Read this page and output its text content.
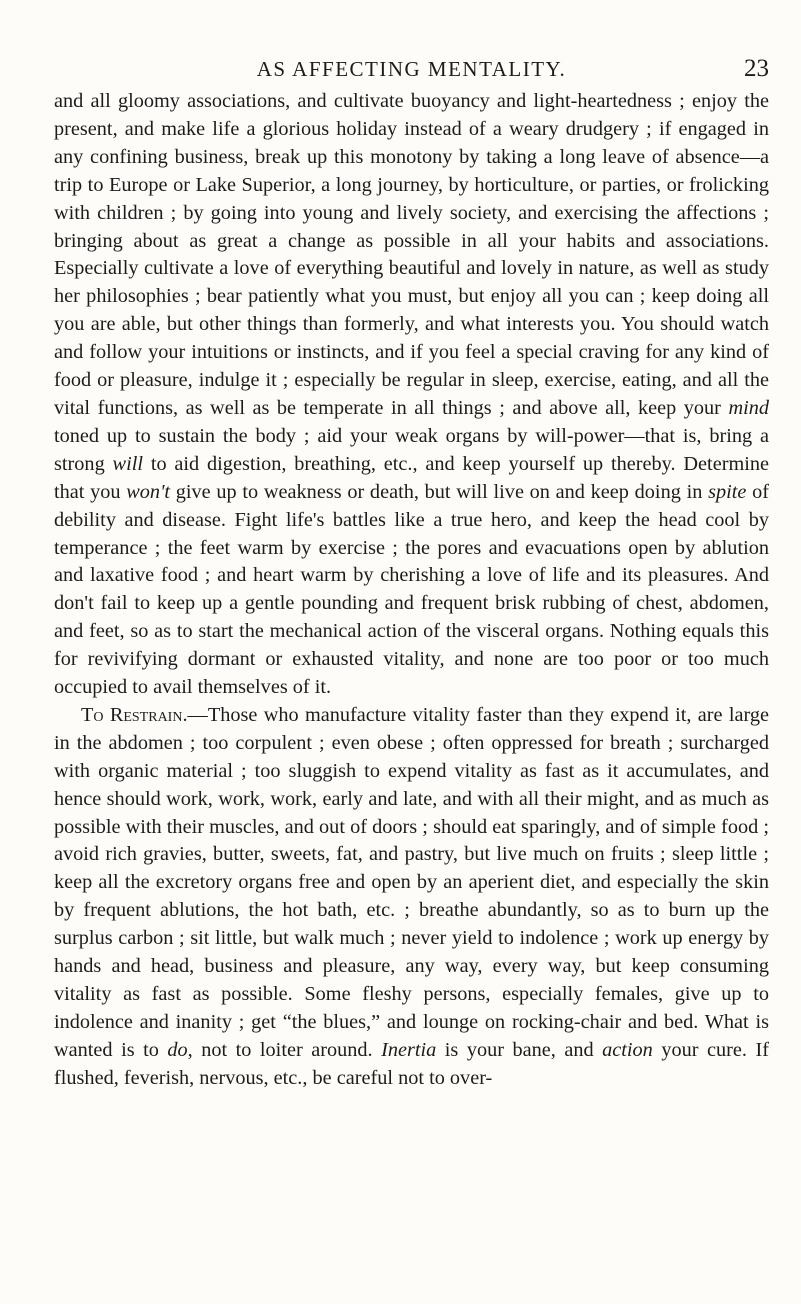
AS AFFECTING MENTALITY.	23

and all gloomy associations, and cultivate buoyancy and light-heartedness ; enjoy the present, and make life a glorious holiday instead of a weary drudgery ; if engaged in any confining business, break up this monotony by taking a long leave of absence—a trip to Europe or Lake Superior, a long journey, by horticulture, or parties, or frolicking with children ; by going into young and lively society, and exercising the affections ; bringing about as great a change as possible in all your habits and associations. Especially cultivate a love of everything beautiful and lovely in nature, as well as study her philosophies ; bear patiently what you must, but enjoy all you can ; keep doing all you are able, but other things than formerly, and what interests you. You should watch and follow your intuitions or instincts, and if you feel a special craving for any kind of food or pleasure, indulge it ; especially be regular in sleep, exercise, eating, and all the vital functions, as well as be temperate in all things ; and above all, keep your mind toned up to sustain the body ; aid your weak organs by will-power—that is, bring a strong will to aid digestion, breathing, etc., and keep yourself up thereby. Determine that you won't give up to weakness or death, but will live on and keep doing in spite of debility and disease. Fight life's battles like a true hero, and keep the head cool by temperance ; the feet warm by exercise ; the pores and evacuations open by ablution and laxative food ; and heart warm by cherishing a love of life and its pleasures. And don't fail to keep up a gentle pounding and frequent brisk rubbing of chest, abdomen, and feet, so as to start the mechanical action of the visceral organs. Nothing equals this for revivifying dormant or exhausted vitality, and none are too poor or too much occupied to avail themselves of it.

To Restrain.—Those who manufacture vitality faster than they expend it, are large in the abdomen ; too corpulent ; even obese ; often oppressed for breath ; surcharged with organic material ; too sluggish to expend vitality as fast as it accumulates, and hence should work, work, work, early and late, and with all their might, and as much as possible with their muscles, and out of doors ; should eat sparingly, and of simple food ; avoid rich gravies, butter, sweets, fat, and pastry, but live much on fruits ; sleep little ; keep all the excretory organs free and open by an aperient diet, and especially the skin by frequent ablutions, the hot bath, etc. ; breathe abundantly, so as to burn up the surplus carbon ; sit little, but walk much ; never yield to indolence ; work up energy by hands and head, business and pleasure, any way, every way, but keep consuming vitality as fast as possible. Some fleshy persons, especially females, give up to indolence and inanity ; get “the blues,” and lounge on rocking-chair and bed. What is wanted is to do, not to loiter around. Inertia is your bane, and action your cure. If flushed, feverish, nervous, etc., be careful not to over-
